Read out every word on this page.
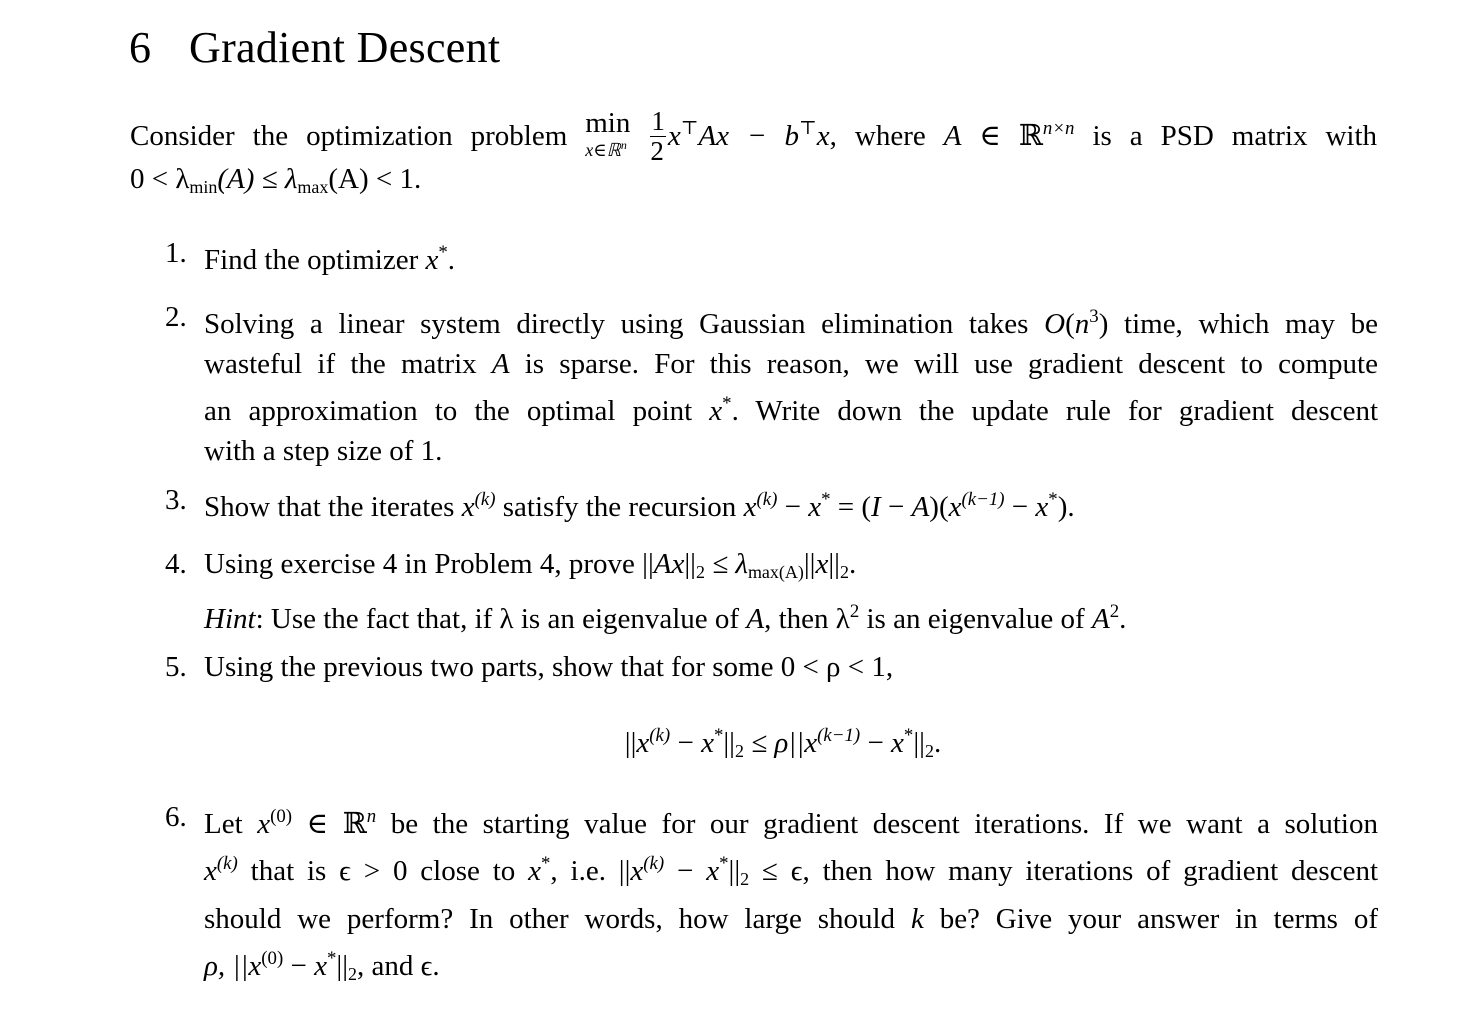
6 Gradient Descent
Consider the optimization problem min
x∈ℝ$^n$
$\frac{1}{2} x^⊤Ax - b^⊤x$, where A ∈ ℝ$^{n\times n}$ is a PSD matrix with
0 < λmin(A) ≤ λmax(A) < 1.
1. Find the optimizer x*.
2. Solving a linear system directly using Gaussian elimination takes $O(n^3)$ time, which may be
wasteful if the matrix A is sparse. For this reason, we will use gradient descent to compute
an approximation to the optimal point x*. Write down the update rule for gradient descent
with a step size of 1.
3. Show that the iterates $x^{(k)}$ satisfy the recursion $x^{(k)} - x^* = (I - A)(x^{(k-1)} - x^*)$.
4. Using exercise 4 in Problem 4, prove ||Ax||2 ≤ λmax(A)||x||2.
Hint: Use the fact that, if λ is an eigenvalue of A, then $\lambda^2$ is an eigenvalue of $A^2$.
5. Using the previous two parts, show that for some 0 < ρ < 1,
$||x^{(k)} - x^*||2 \le \rho||x^{(k-1)} - x^*||2$.
6. Let $x^{(0)}$ ∈ ℝ$^n$ be the starting value for our gradient descent iterations. If we want a solution
$x^{(k)}$ that is ϵ > 0 close to x*, i.e. $||x^{(k)} - x^*||2 \le \epsilon$, then how many iterations of gradient descent
should we perform? In other words, how large should k be? Give your answer in terms of
ρ, $||x^{(0)} - x^*||2$, and ϵ.
